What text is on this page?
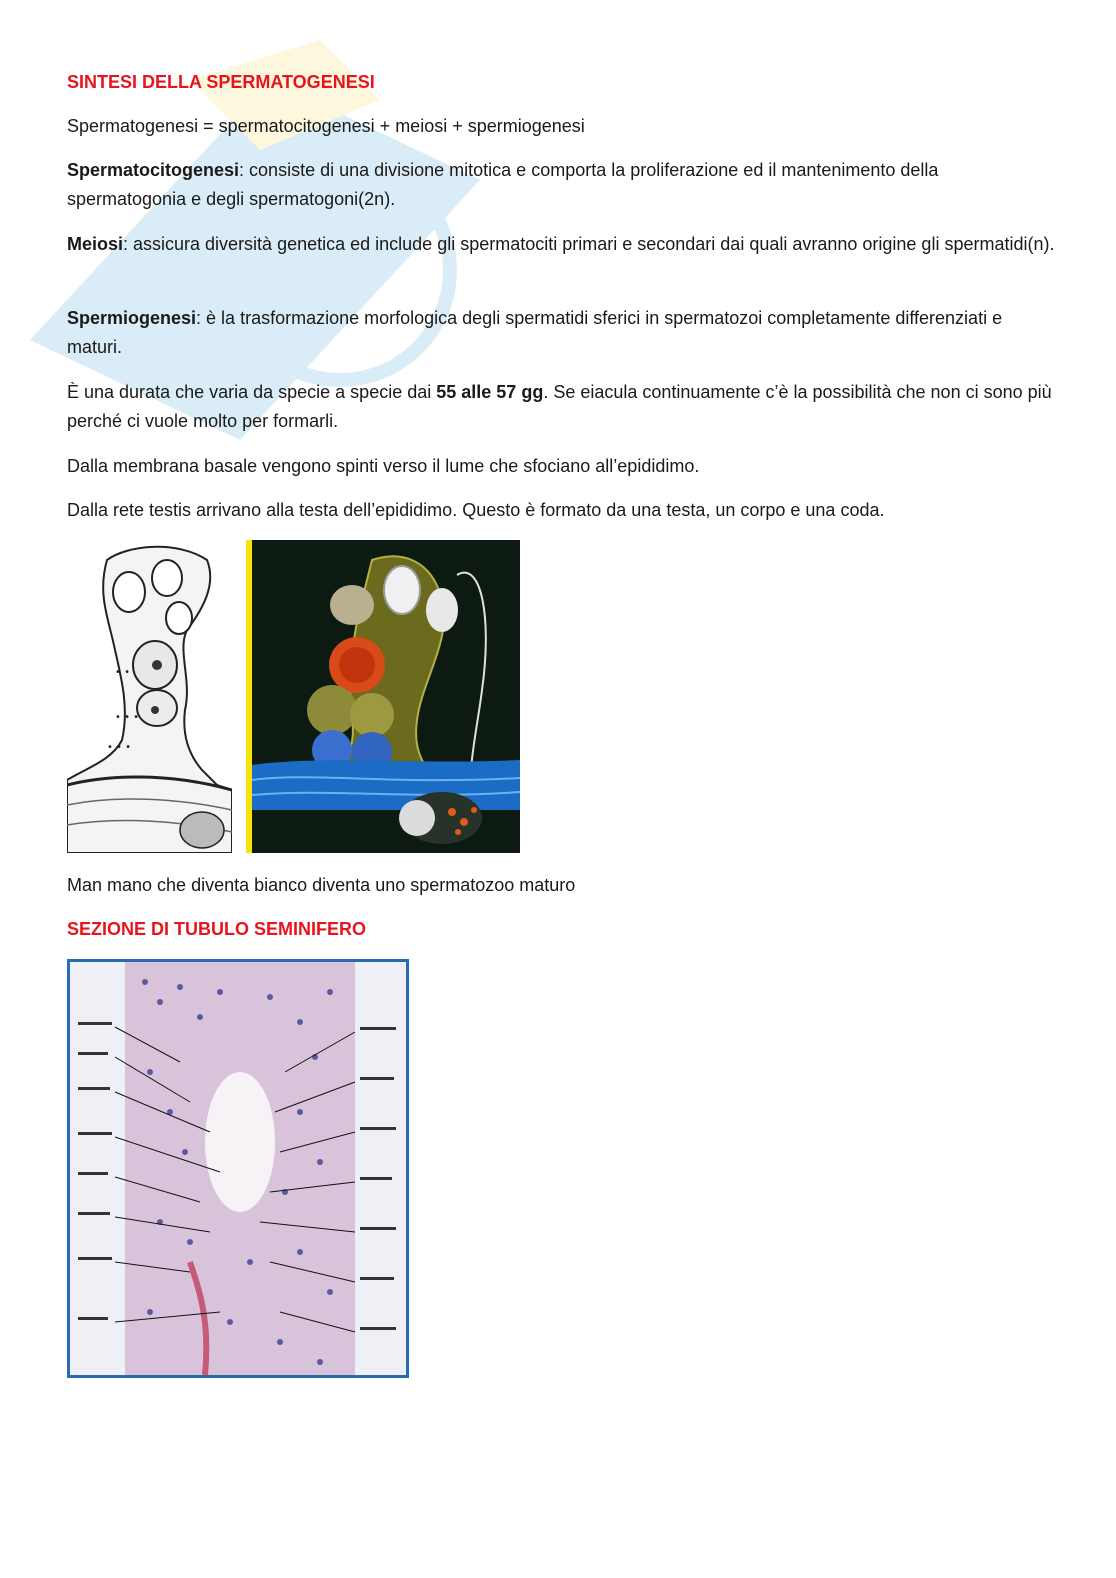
SINTESI DELLA SPERMATOGENESI

Spermatogenesi = spermatocitogenesi + meiosi + spermiogenesi

Spermatocitogenesi: consiste di una divisione mitotica e comporta la proliferazione ed il mantenimento della spermatogonia e degli spermatogoni(2n).

Meiosi: assicura diversità genetica ed include gli spermatociti primari e secondari dai quali avranno origine gli spermatidi(n).

Spermiogenesi: è la trasformazione morfologica degli spermatidi sferici in spermatozoi completamente differenziati e maturi.

È una durata che varia da specie a specie dai 55 alle 57 gg. Se eiacula continuamente c’è la possibilità che non ci sono più perché ci vuole molto per formarli.

Dalla membrana basale vengono spinti verso il lume che sfociano all’epididimo.

Dalla rete testis arrivano alla testa dell’epididimo. Questo è formato da una testa, un corpo e una coda.

• •
• • •
• • •

Man mano che diventa bianco diventa uno spermatozoo maturo

SEZIONE DI TUBULO SEMINIFERO
